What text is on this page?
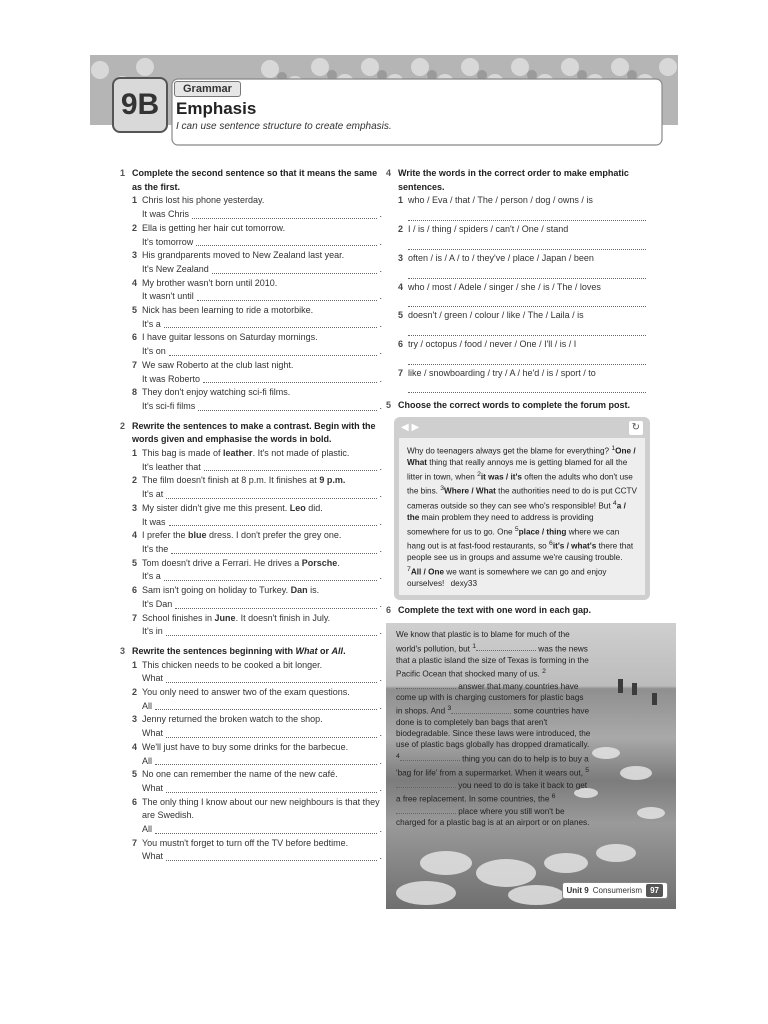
9B	Grammar
Emphasis
I can use sentence structure to create emphasis.
1 Complete the second sentence so that it means the same as the first.
1 Chris lost his phone yesterday.
It was Chris	.
2 Ella is getting her hair cut tomorrow.
It's tomorrow	.
3 His grandparents moved to New Zealand last year.
It's New Zealand	.
4 My brother wasn't born until 2010.
It wasn't until	.
5 Nick has been learning to ride a motorbike.
It's a	.
6 I have guitar lessons on Saturday mornings.
It's on	.
7 We saw Roberto at the club last night.
It was Roberto	.
8 They don't enjoy watching sci-fi films.
It's sci-fi films	.
2 Rewrite the sentences to make a contrast. Begin with the words given and emphasise the words in bold.
1 This bag is made of leather. It's not made of plastic.
It's leather that	.
2 The film doesn't finish at 8 p.m. It finishes at 9 p.m.
It's at	.
3 My sister didn't give me this present. Leo did.
It was	.
4 I prefer the blue dress. I don't prefer the grey one.
It's the	.
5 Tom doesn't drive a Ferrari. He drives a Porsche.
It's a	.
6 Sam isn't going on holiday to Turkey. Dan is.
It's Dan	.
7 School finishes in June. It doesn't finish in July.
It's in	.
3 Rewrite the sentences beginning with What or All.
1 This chicken needs to be cooked a bit longer.
What	.
2 You only need to answer two of the exam questions.
All	.
3 Jenny returned the broken watch to the shop.
What	.
4 We'll just have to buy some drinks for the barbecue.
All	.
5 No one can remember the name of the new café.
What	.
6 The only thing I know about our new neighbours is that they are Swedish.
All	.
7 You mustn't forget to turn off the TV before bedtime.
What	.
4 Write the words in the correct order to make emphatic sentences.
1 who / Eva / that / The / person / dog / owns / is
2 I / is / thing / spiders / can't / One / stand
3 often / is / A / to / they've / place / Japan / been
4 who / most / Adele / singer / she / is / The / loves
5 doesn't / green / colour / like / The / Laila / is
6 try / octopus / food / never / One / I'll / is / I
7 like / snowboarding / try / A / he'd / is / sport / to
5 Choose the correct words to complete the forum post.
◀ ▶	↻
Why do teenagers always get the blame for everything? $^1$One / What thing that really annoys me is getting blamed for all the litter in town, when $^2$it was / it's often the adults who don't use the bins. $^3$Where / What the authorities need to do is put CCTV cameras outside so they can see who's responsible! But $^4$a / the main problem they need to address is providing somewhere for us to go. One $^5$place / thing where we can hang out is at fast-food restaurants, so $^6$it's / what's there that people see us in groups and assume we're causing trouble. $^7$All / One we want is somewhere we can go and enjoy ourselves! dexy33
6 Complete the text with one word in each gap.
We know that plastic is to blame for much of the world's pollution, but $^1$	was the news that a plastic island the size of Texas is forming in the Pacific Ocean that shocked many of us. $^2$ answer that many countries have come up with is charging customers for plastic bags in shops. And $^3$	some countries have done is to completely ban bags that aren't biodegradable. Since these laws were introduced, the use of plastic bags globally has dropped dramatically. $^4$	thing you can do to help is to buy a 'bag for life' from a supermarket. When it wears out, $^5$ you need to do is take it back to get a free replacement. In some countries, the $^6$ place where you still won't be charged for a plastic bag is at an airport or on planes.
Unit 9 Consumerism	97
